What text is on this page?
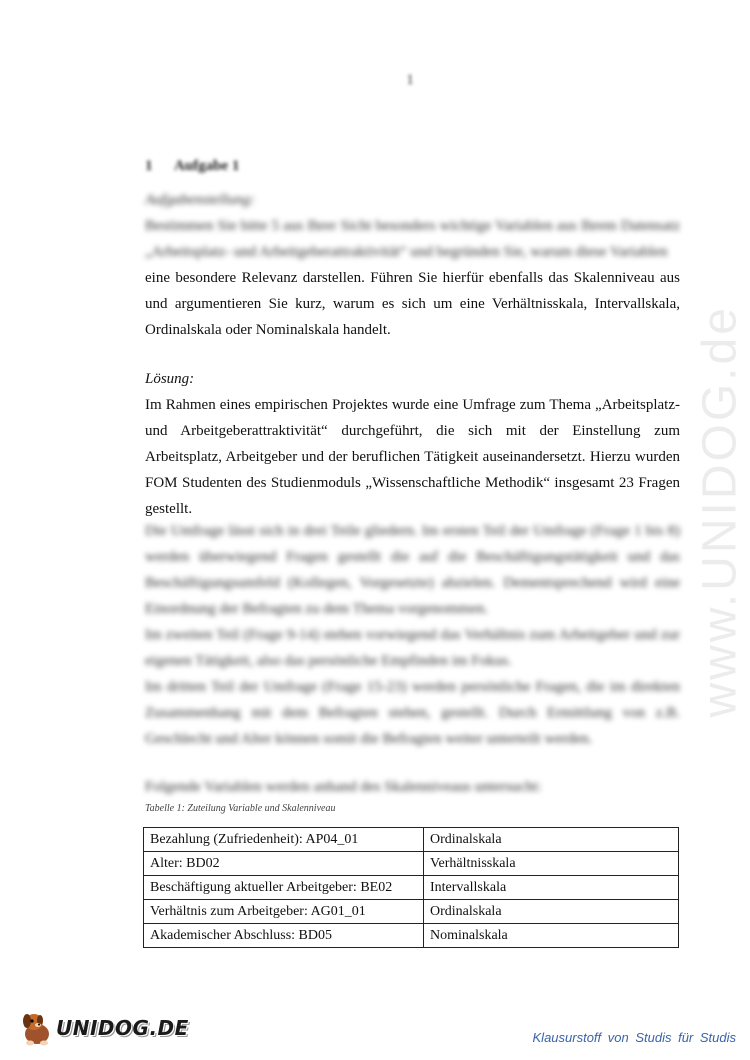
1
1 Aufgabe 1
Aufgabenstellung:
Bestimmen Sie bitte 5 aus Ihrer Sicht besonders wichtige Variablen aus Ihrem Datensatz „Arbeitsplatz- und Arbeitgeberattraktivität“ und begründen Sie, warum diese Variablen
eine besondere Relevanz darstellen. Führen Sie hierfür ebenfalls das Skalenniveau aus und argumentieren Sie kurz, warum es sich um eine Verhältnisskala, Intervallskala, Ordinalskala oder Nominalskala handelt.
Lösung:
Im Rahmen eines empirischen Projektes wurde eine Umfrage zum Thema „Arbeitsplatz- und Arbeitgeberattraktivität“ durchgeführt, die sich mit der Einstellung zum Arbeitsplatz, Arbeitgeber und der beruflichen Tätigkeit auseinandersetzt. Hierzu wurden FOM Studenten des Studienmoduls „Wissenschaftliche Methodik“ insgesamt 23 Fragen gestellt.
Die Umfrage lässt sich in drei Teile gliedern. Im ersten Teil der Umfrage (Frage 1 bis 8) werden überwiegend Fragen gestellt die auf die Beschäftigungstätigkeit und das Beschäftigungsumfeld (Kollegen, Vorgesetzte) abzielen. Dementsprechend wird eine Einordnung der Befragten zu dem Thema vorgenommen.
Im zweiten Teil (Frage 9-14) stehen vorwiegend das Verhältnis zum Arbeitgeber und zur eigenen Tätigkeit, also das persönliche Empfinden im Fokus.
Im dritten Teil der Umfrage (Frage 15-23) werden persönliche Fragen, die im direkten Zusammenhang mit dem Befragten stehen, gestellt. Durch Ermittlung von z.B. Geschlecht und Alter können somit die Befragten weiter unterteilt werden.
Folgende Variablen werden anhand des Skalenniveaus untersucht:
Tabelle 1: Zuteilung Variable und Skalenniveau
Bezahlung (Zufriedenheit): AP04_01	Ordinalskala
Alter: BD02	Verhältnisskala
Beschäftigung aktueller Arbeitgeber: BE02	Intervallskala
Verhältnis zum Arbeitgeber: AG01_01	Ordinalskala
Akademischer Abschluss: BD05	Nominalskala
www.UNIDOG.de
UNIDOG.DE	Klausurstoff von Studis für Studis
